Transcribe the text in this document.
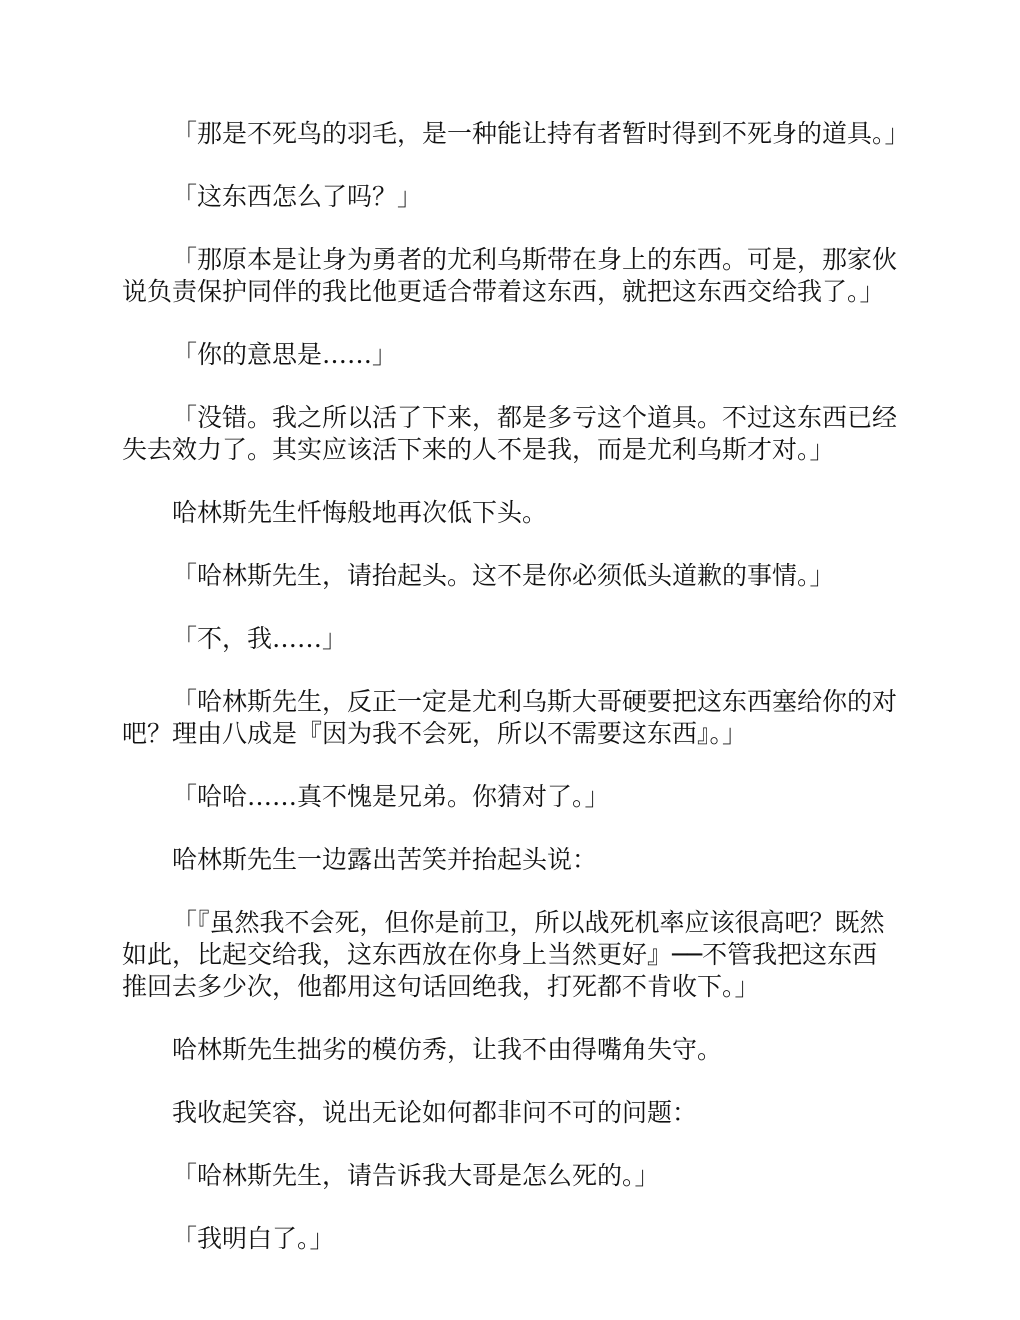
「那是不死鸟的羽毛，是一种能让持有者暂时得到不死身的道具。」

「这东西怎么了吗？」

「那原本是让身为勇者的尤利乌斯带在身上的东西。可是，那家伙说负责保护同伴的我比他更适合带着这东西，就把这东西交给我了。」

「你的意思是……」

「没错。我之所以活了下来，都是多亏这个道具。不过这东西已经失去效力了。其实应该活下来的人不是我，而是尤利乌斯才对。」

哈林斯先生忏悔般地再次低下头。

「哈林斯先生，请抬起头。这不是你必须低头道歉的事情。」

「不，我……」

「哈林斯先生，反正一定是尤利乌斯大哥硬要把这东西塞给你的对吧？理由八成是『因为我不会死，所以不需要这东西』。」

「哈哈……真不愧是兄弟。你猜对了。」

哈林斯先生一边露出苦笑并抬起头说：

「『虽然我不会死，但你是前卫，所以战死机率应该很高吧？既然如此，比起交给我，这东西放在你身上当然更好』──不管我把这东西推回去多少次，他都用这句话回绝我，打死都不肯收下。」

哈林斯先生拙劣的模仿秀，让我不由得嘴角失守。

我收起笑容，说出无论如何都非问不可的问题：

「哈林斯先生，请告诉我大哥是怎么死的。」

「我明白了。」
